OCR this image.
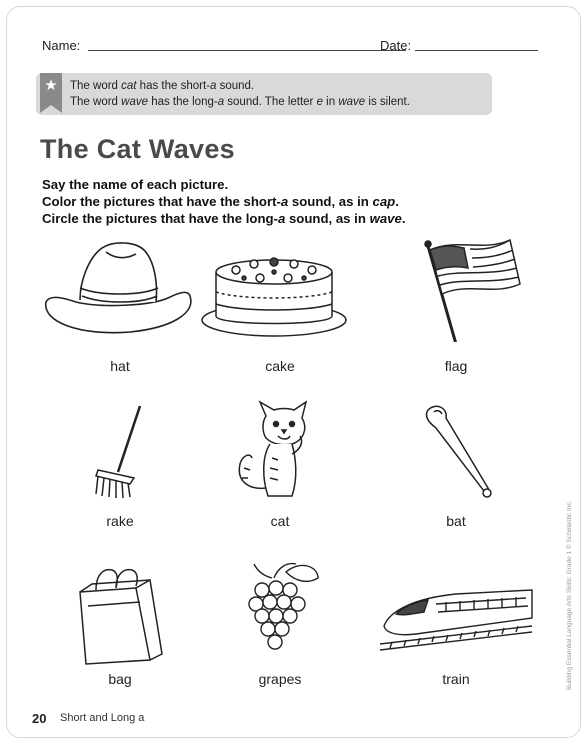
Name:	Date:
★ The word cat has the short-a sound.
The word wave has the long-a sound. The letter e in wave is silent.
The Cat Waves
Say the name of each picture.
Color the pictures that have the short-a sound, as in cap.
Circle the pictures that have the long-a sound, as in wave.
hat	cake	flag
rake	cat	bat
bag	grapes	train
20 Short and Long a
Building Essential Language Arts Skills: Grade 1 © Scholastic Inc.
